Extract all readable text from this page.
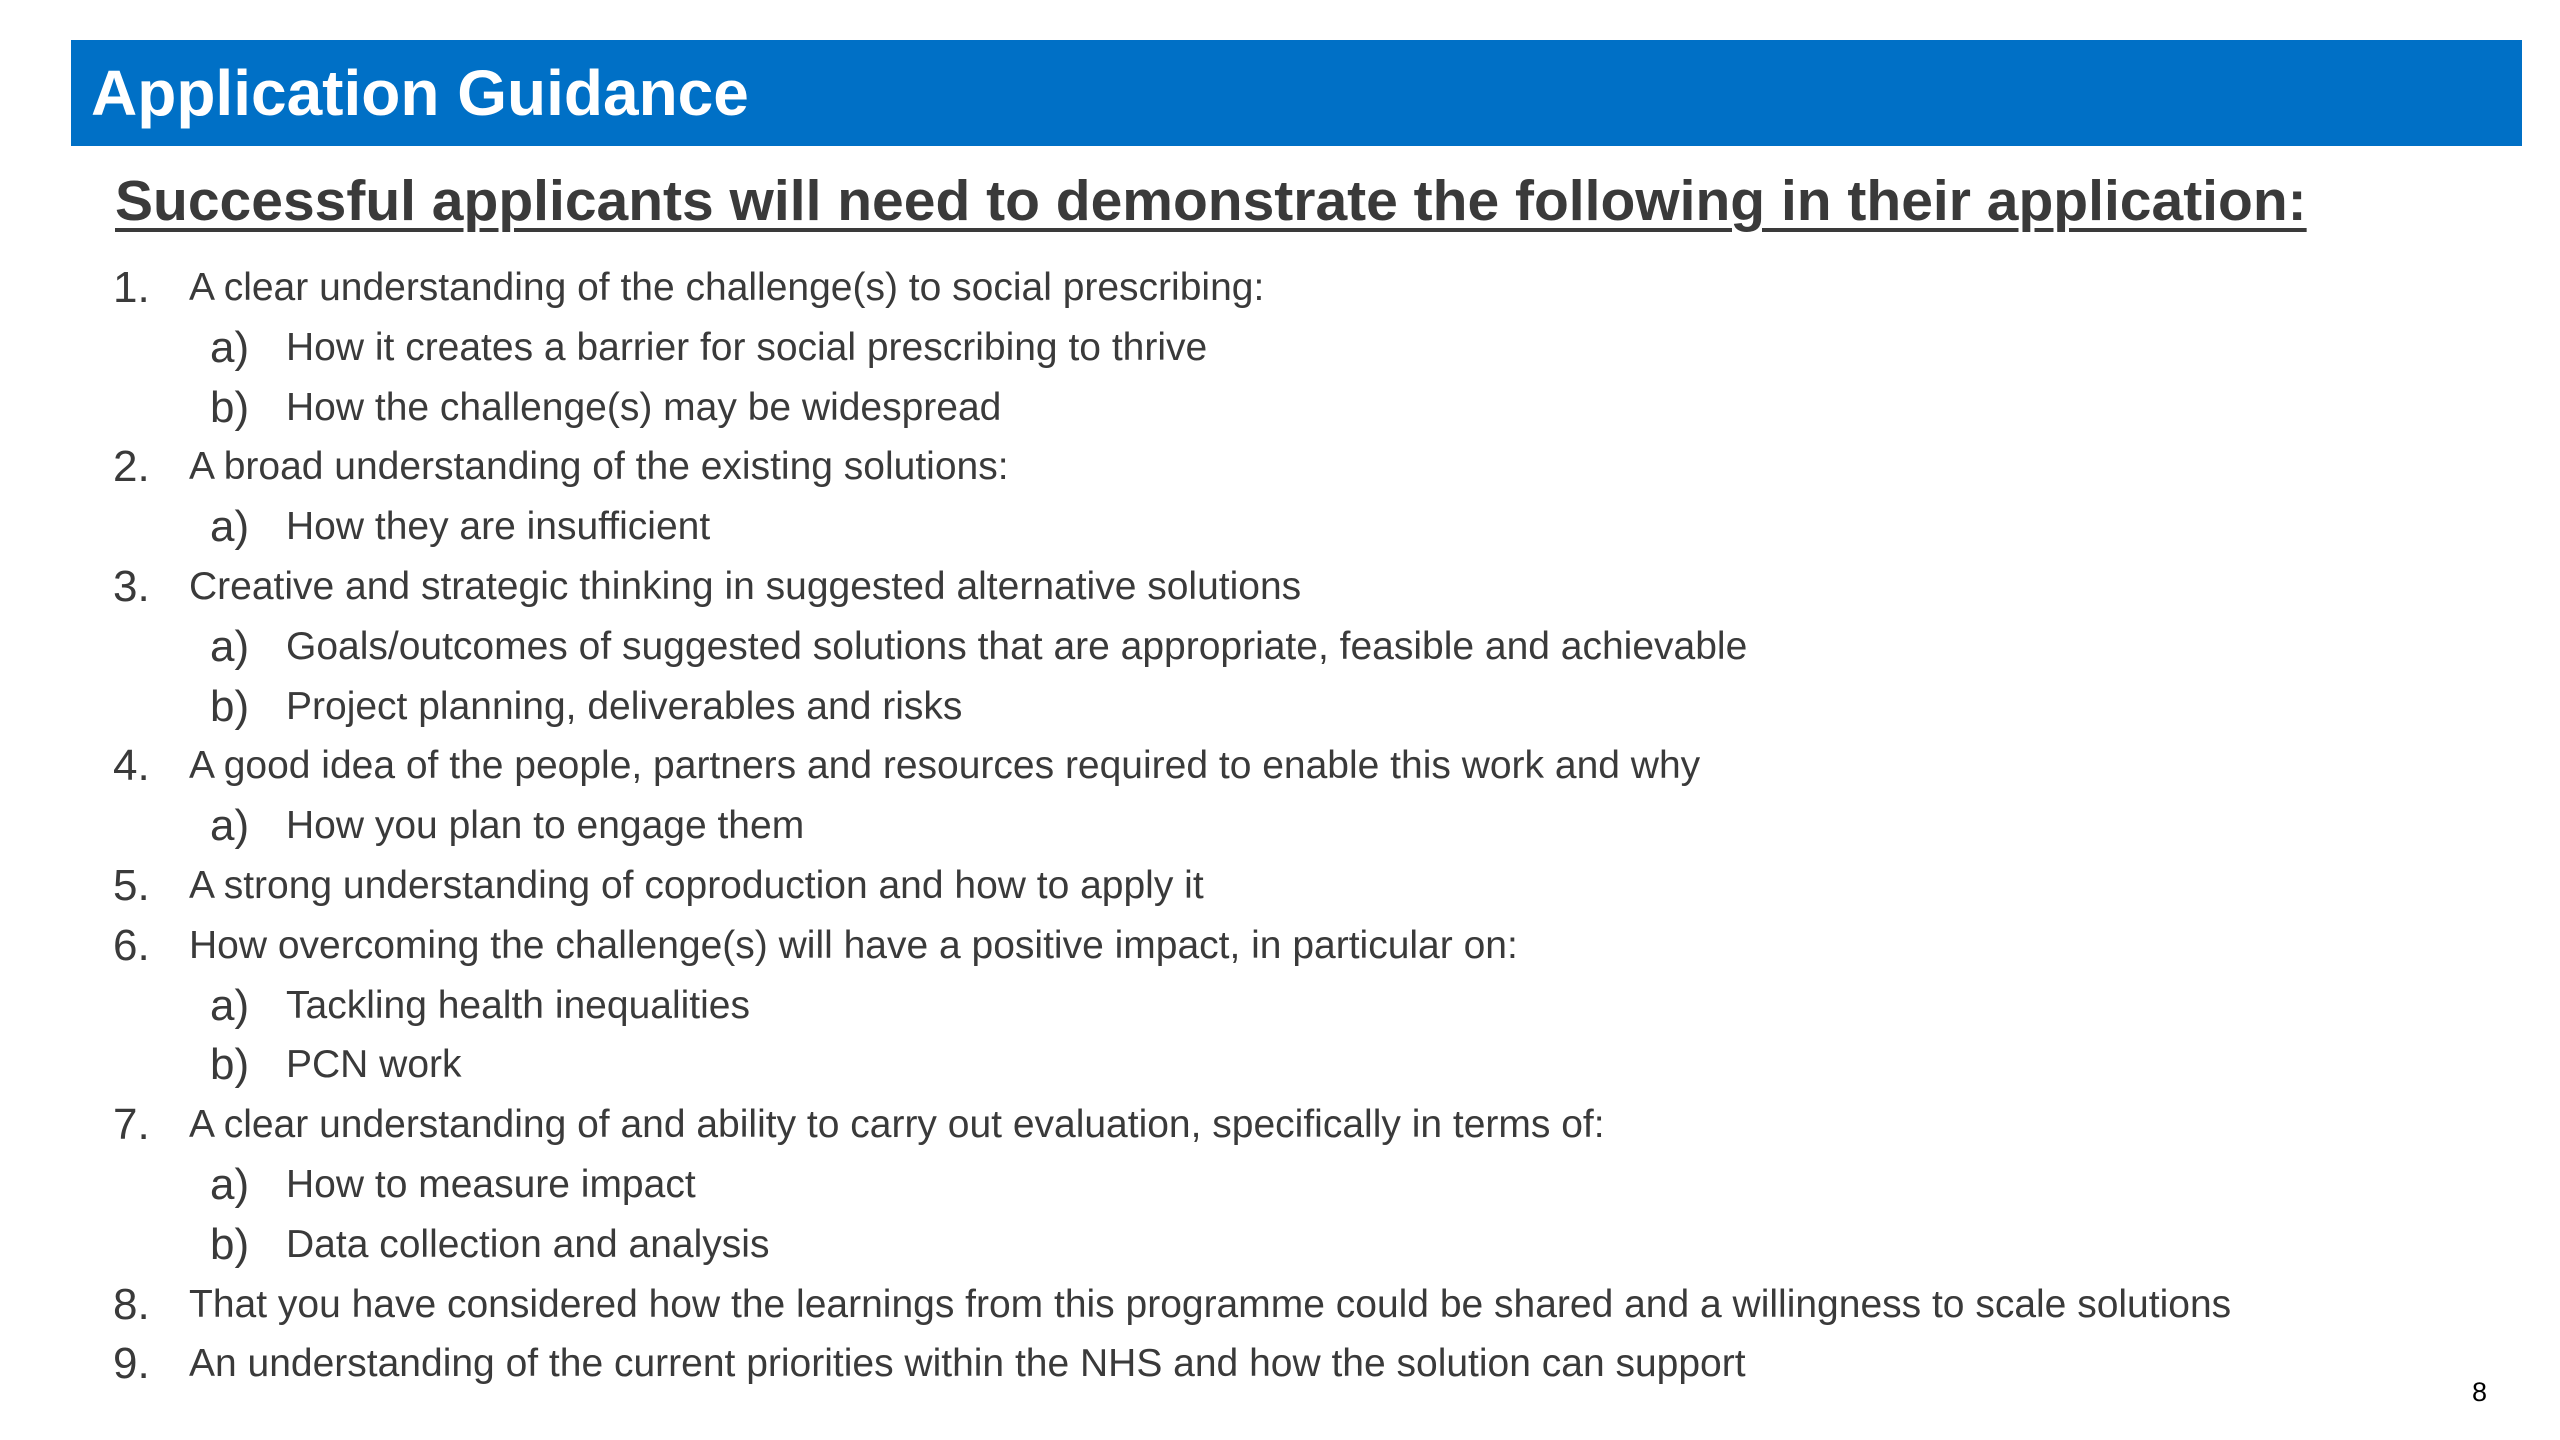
Application Guidance
Successful applicants will need to demonstrate the following in their application:
1. A clear understanding of the challenge(s) to social prescribing:
a) How it creates a barrier for social prescribing to thrive
b) How the challenge(s) may be widespread
2. A broad understanding of the existing solutions:
a) How they are insufficient
3. Creative and strategic thinking in suggested alternative solutions
a) Goals/outcomes of suggested solutions that are appropriate, feasible and achievable
b) Project planning, deliverables and risks
4. A good idea of the people, partners and resources required to enable this work and why
a) How you plan to engage them
5. A strong understanding of coproduction and how to apply it
6. How overcoming the challenge(s) will have a positive impact, in particular on:
a) Tackling health inequalities
b) PCN work
7. A clear understanding of and ability to carry out evaluation, specifically in terms of:
a) How to measure impact
b) Data collection and analysis
8. That you have considered how the learnings from this programme could be shared and a willingness to scale solutions
9. An understanding of the current priorities within the NHS and how the solution can support
8
